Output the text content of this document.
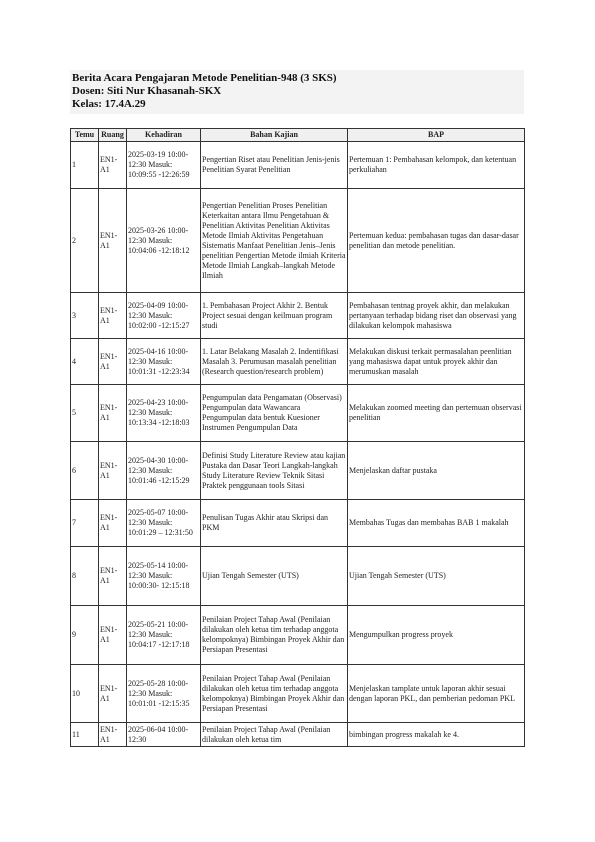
Berita Acara Pengajaran Metode Penelitian-948 (3 SKS)
Dosen: Siti Nur Khasanah-SKX
Kelas: 17.4A.29
Temu	Ruang	Kehadiran	Bahan Kajian	BAP
1	EN1-A1	2025-03-19 10:00-12:30 Masuk: 10:09:55 -12:26:59	Pengertian Riset atau Penelitian Jenis-jenis Penelitian Syarat Penelitian	Pertemuan 1: Pembahasan kelompok, dan ketentuan perkuliahan
2	EN1-A1	2025-03-26 10:00-12:30 Masuk: 10:04:06 -12:18:12	Pengertian Penelitian Proses Penelitian Keterkaitan antara Ilmu Pengetahuan & Penelitian Aktivitas Penelitian Aktivitas Metode Ilmiah Aktivitas Pengetahuan Sistematis Manfaat Penelitian Jenis–Jenis penelitian Pengertian Metode ilmiah Kriteria Metode Ilmiah Langkah–langkah Metode Ilmiah	Pertemuan kedua: pembahasan tugas dan dasar-dasar penelitian dan metode penelitian.
3	EN1-A1	2025-04-09 10:00-12:30 Masuk: 10:02:00 -12:15:27	1. Pembahasan Project Akhir 2. Bentuk Project sesuai dengan keilmuan program studi	Pembahasan tentnag proyek akhir, dan melakukan pertanyaan terhadap bidang riset dan observasi yang dilakukan kelompok mahasiswa
4	EN1-A1	2025-04-16 10:00-12:30 Masuk: 10:01:31 -12:23:34	1. Latar Belakang Masalah 2. Indentifikasi Masalah 3. Perumusan masalah penelitian (Research question/research problem)	Melakukan diskusi terkait permasalahan peenlitian yang mahasiswa dapat untuk proyek akhir dan merumuskan masalah
5	EN1-A1	2025-04-23 10:00-12:30 Masuk: 10:13:34 -12:18:03	Pengumpulan data Pengamatan (Observasi) Pengumpulan data Wawancara Pengumpulan data bentuk Kuesioner Instrumen Pengumpulan Data	Melakukan zoomed meeting dan pertemuan observasi penelitian
6	EN1-A1	2025-04-30 10:00-12:30 Masuk: 10:01:46 -12:15:29	Definisi Study Literature Review atau kajian Pustaka dan Dasar Teori Langkah-langkah Study Literature Review Teknik Sitasi Praktek penggunaan tools Sitasi	Menjelaskan daftar pustaka
7	EN1-A1	2025-05-07 10:00-12:30 Masuk: 10:01:29 – 12:31:50	Penulisan Tugas Akhir atau Skripsi dan PKM	Membahas Tugas dan membahas BAB 1 makalah
8	EN1-A1	2025-05-14 10:00-12:30 Masuk: 10:00:30- 12:15:18	Ujian Tengah Semester (UTS)	Ujian Tengah Semester (UTS)
9	EN1-A1	2025-05-21 10:00-12:30 Masuk: 10:04:17 -12:17:18	Penilaian Project Tahap Awal (Penilaian dilakukan oleh ketua tim terhadap anggota kelompoknya) Bimbingan Proyek Akhir dan Persiapan Presentasi	Mengumpulkan progress proyek
10	EN1-A1	2025-05-28 10:00-12:30 Masuk: 10:01:01 -12:15:35	Penilaian Project Tahap Awal (Penilaian dilakukan oleh ketua tim terhadap anggota kelompoknya) Bimbingan Proyek Akhir dan Persiapan Presentasi	Menjelaskan tamplate untuk laporan akhir sesuai dengan laporan PKL, dan pemberian pedoman PKL
11	EN1-A1	2025-06-04 10:00-12:30	Penilaian Project Tahap Awal (Penilaian dilakukan oleh ketua tim	bimbingan progress makalah ke 4.
